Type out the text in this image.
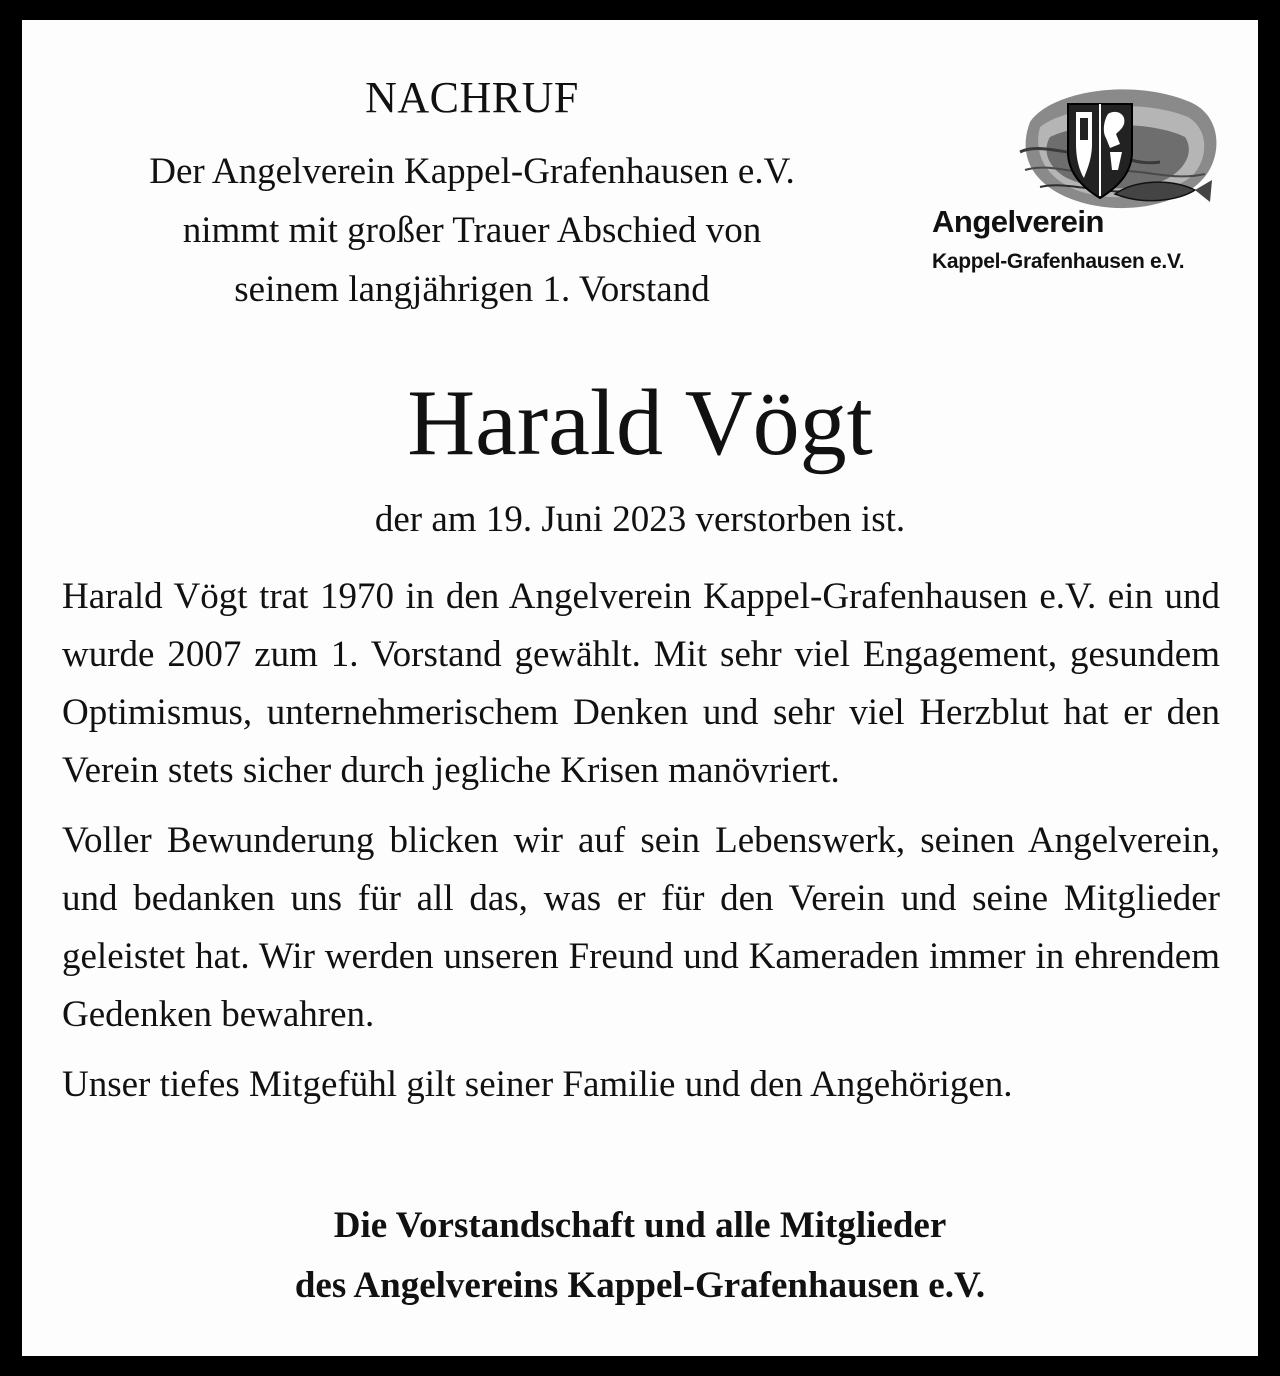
NACHRUF
Der Angelverein Kappel-Grafenhausen e.V.
nimmt mit großer Trauer Abschied von
seinem langjährigen 1. Vorstand
Angelverein
Kappel-Grafenhausen e.V.
Harald Vögt
der am 19. Juni 2023 verstorben ist.

Harald Vögt trat 1970 in den Angelverein Kappel-Grafenhausen e.V. ein und wurde 2007 zum 1. Vorstand gewählt. Mit sehr viel Engagement, gesundem Optimismus, unternehmerischem Denken und sehr viel Herzblut hat er den Verein stets sicher durch jegliche Krisen manövriert.

Voller Bewunderung blicken wir auf sein Lebenswerk, seinen Angelverein, und bedanken uns für all das, was er für den Verein und seine Mitglieder geleistet hat. Wir werden unseren Freund und Kameraden immer in ehrendem Gedenken bewahren.

Unser tiefes Mitgefühl gilt seiner Familie und den Angehörigen.

Die Vorstandschaft und alle Mitglieder
des Angelvereins Kappel-Grafenhausen e.V.
